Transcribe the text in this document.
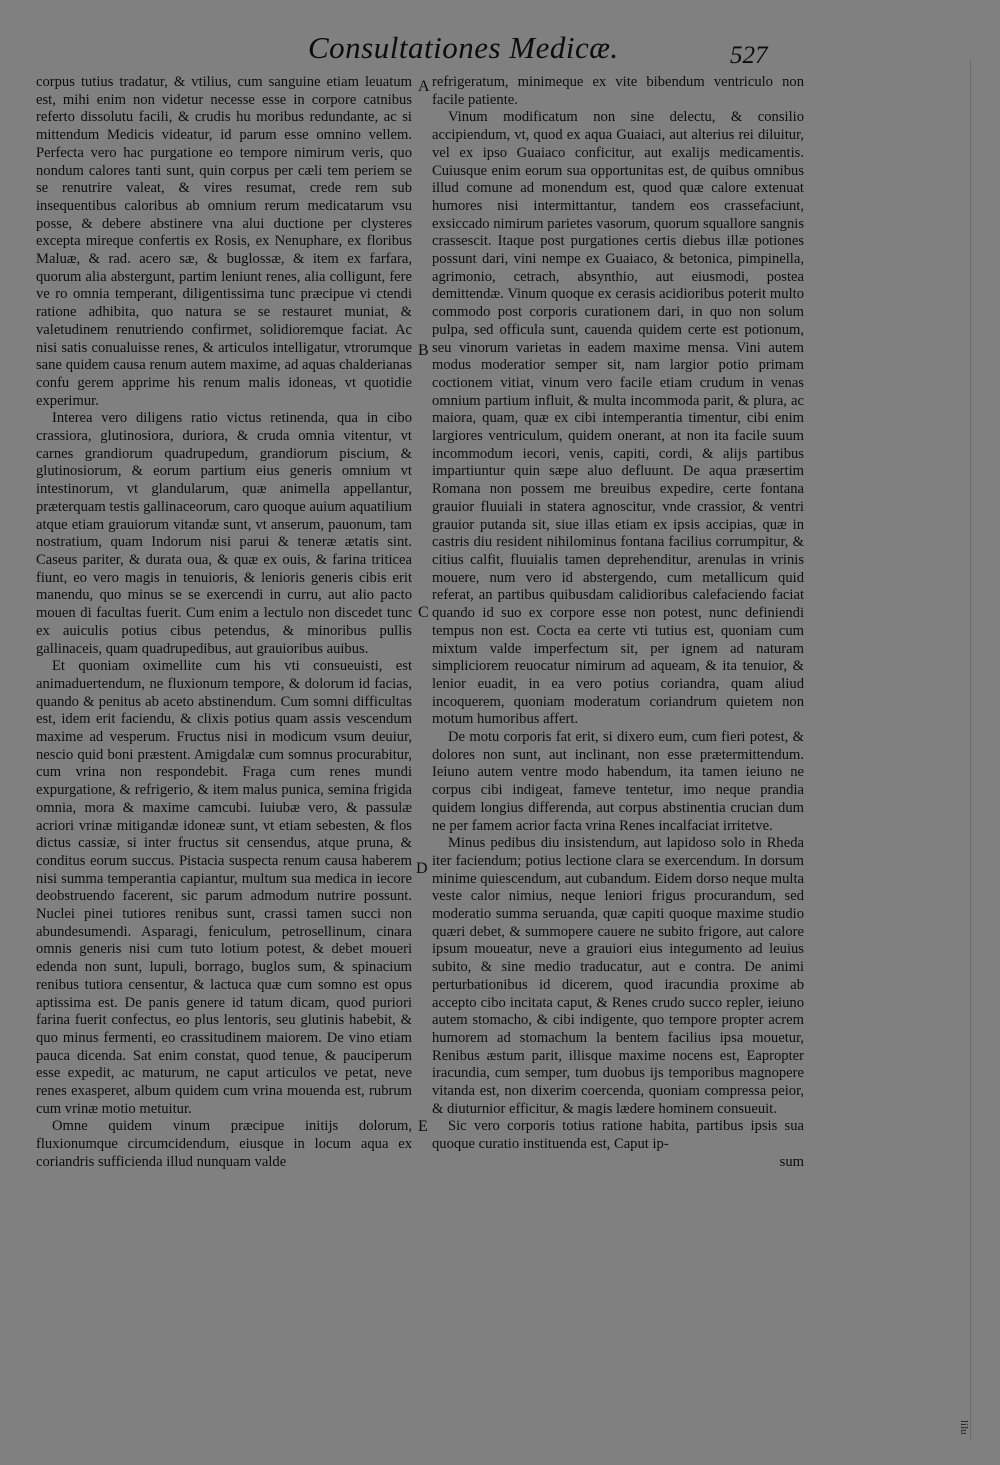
Consultationes Medicæ.	527

corpus tutius tradatur, & vtilius, cum sanguine etiam leuatum est, mihi enim non videtur necesse esse in corpore catnibus referto dissolutu facili, & crudis hu moribus redundante, ac si mittendum Medicis videatur, id parum esse omnino vellem. Perfecta vero hac purgatione eo tempore nimirum veris, quo nondum calores tanti sunt, quin corpus per cæli tem periem se se renutrire valeat, & vires resumat, crede rem sub insequentibus caloribus ab omnium rerum medicatarum vsu posse, & debere abstinere vna alui ductione per clysteres excepta mireque confertis ex Rosis, ex Nenuphare, ex floribus Maluæ, & rad. acero sæ, & buglossæ, & item ex farfara, quorum alia abstergunt, partim leniunt renes, alia colligunt, fere ve ro omnia temperant, diligentissima tunc præcipue vi ctendi ratione adhibita, quo natura se se restauret muniat, & valetudinem renutriendo confirmet, solidioremque faciat. Ac nisi satis conualuisse renes, & articulos intelligatur, vtrorumque sane quidem causa renum autem maxime, ad aquas chalderianas confu gerem apprime his renum malis idoneas, vt quotidie experimur.

Interea vero diligens ratio victus retinenda, qua in cibo crassiora, glutinosiora, duriora, & cruda omnia vitentur, vt carnes grandiorum quadrupedum, grandiorum piscium, & glutinosiorum, & eorum partium eius generis omnium vt intestinorum, vt glandularum, quæ animella appellantur, præterquam testis gallinaceorum, caro quoque auium aquatilium atque etiam grauiorum vitandæ sunt, vt anserum, pauonum, tam nostratium, quam Indorum nisi parui & teneræ ætatis sint. Caseus pariter, & durata oua, & quæ ex ouis, & farina triticea fiunt, eo vero magis in tenuioris, & lenioris generis cibis erit manendu, quo minus se se exercendi in curru, aut alio pacto mouen di facultas fuerit. Cum enim a lectulo non discedet tunc ex auiculis potius cibus petendus, & minoribus pullis gallinaceis, quam quadrupedibus, aut grauioribus auibus.

Et quoniam oximellite cum his vti consueuisti, est animaduertendum, ne fluxionum tempore, & dolorum id facias, quando & penitus ab aceto abstinendum. Cum somni difficultas est, idem erit faciendu, & clixis potius quam assis vescendum maxime ad vesperum. Fructus nisi in modicum vsum deuiur, nescio quid boni præstent. Amigdalæ cum somnus procurabitur, cum vrina non respondebit. Fraga cum renes mundi expurgatione, & refrigerio, & item malus punica, semina frigida omnia, mora & maxime camcubi. Iuiubæ vero, & passulæ acriori vrinæ mitigandæ idoneæ sunt, vt etiam sebesten, & flos dictus cassiæ, si inter fructus sit censendus, atque pruna, & conditus eorum succus. Pistacia suspecta renum causa haberem nisi summa temperantia capiantur, multum sua medica in iecore deobstruendo facerent, sic parum admodum nutrire possunt. Nuclei pinei tutiores renibus sunt, crassi tamen succi non abundesumendi. Asparagi, feniculum, petrosellinum, cinara omnis generis nisi cum tuto lotium potest, & debet moueri edenda non sunt, lupuli, borrago, buglos sum, & spinacium renibus tutiora censentur, & lactuca quæ cum somno est opus aptissima est. De panis genere id tatum dicam, quod puriori farina fuerit confectus, eo plus lentoris, seu glutinis habebit, & quo minus fermenti, eo crassitudinem maiorem. De vino etiam pauca dicenda. Sat enim constat, quod tenue, & pauciperum esse expedit, ac maturum, ne caput articulos ve petat, neve renes exasperet, album quidem cum vrina mouenda est, rubrum cum vrinæ motio metuitur.

Omne quidem vinum præcipue initijs dolorum, fluxionumque circumcidendum, eiusque in locum aqua ex coriandris sufficienda illud nunquam valde

refrigeratum, minimeque ex vite bibendum ventriculo non facile patiente.

Vinum modificatum non sine delectu, & consilio accipiendum, vt, quod ex aqua Guaiaci, aut alterius rei diluitur, vel ex ipso Guaiaco conficitur, aut exalijs medicamentis. Cuiusque enim eorum sua opportunitas est, de quibus omnibus illud comune ad monendum est, quod quæ calore extenuat humores nisi intermittantur, tandem eos crassefaciunt, exsiccado nimirum parietes vasorum, quorum squallore sangnis crassescit. Itaque post purgationes certis diebus illæ potiones possunt dari, vini nempe ex Guaiaco, & betonica, pimpinella, agrimonio, cetrach, absynthio, aut eiusmodi, postea demittendæ. Vinum quoque ex cerasis acidioribus poterit multo commodo post corporis curationem dari, in quo non solum pulpa, sed officula sunt, cauenda quidem certe est potionum, seu vinorum varietas in eadem maxime mensa. Vini autem modus moderatior semper sit, nam largior potio primam coctionem vitiat, vinum vero facile etiam crudum in venas omnium partium influit, & multa incommoda parit, & plura, ac maiora, quam, quæ ex cibi intemperantia timentur, cibi enim largiores ventriculum, quidem onerant, at non ita facile suum incommodum iecori, venis, capiti, cordi, & alijs partibus impartiuntur quin sæpe aluo defluunt. De aqua præsertim Romana non possem me breuibus expedire, certe fontana grauior fluuiali in statera agnoscitur, vnde crassior, & ventri grauior putanda sit, siue illas etiam ex ipsis accipias, quæ in castris diu resident nihilominus fontana facilius corrumpitur, & citius calfit, fluuialis tamen deprehenditur, arenulas in vrinis mouere, num vero id abstergendo, cum metallicum quid referat, an partibus quibusdam calidioribus calefaciendo faciat quando id suo ex corpore esse non potest, nunc definiendi tempus non est. Cocta ea certe vti tutius est, quoniam cum mixtum valde imperfectum sit, per ignem ad naturam simpliciorem reuocatur nimirum ad aqueam, & ita tenuior, & lenior euadit, in ea vero potius coriandra, quam aliud incoquerem, quoniam moderatum coriandrum quietem non motum humoribus affert.

De motu corporis fat erit, si dixero eum, cum fieri potest, & dolores non sunt, aut inclinant, non esse prætermittendum. Ieiuno autem ventre modo habendum, ita tamen ieiuno ne corpus cibi indigeat, fameve tentetur, imo neque prandia quidem longius differenda, aut corpus abstinentia crucian dum ne per famem acrior facta vrina Renes incalfaciat irritetve.

Minus pedibus diu insistendum, aut lapidoso solo in Rheda iter faciendum; potius lectione clara se exercendum. In dorsum minime quiescendum, aut cubandum. Eidem dorso neque multa veste calor nimius, neque leniori frigus procurandum, sed moderatio summa seruanda, quæ capiti quoque maxime studio quæri debet, & summopere cauere ne subito frigore, aut calore ipsum moueatur, neve a grauiori eius integumento ad leuius subito, & sine medio traducatur, aut e contra. De animi perturbationibus id dicerem, quod iracundia proxime ab accepto cibo incitata caput, & Renes crudo succo repler, ieiuno autem stomacho, & cibi indigente, quo tempore propter acrem humorem ad stomachum la bentem facilius ipsa mouetur, Renibus æstum parit, illisque maxime nocens est, Eapropter iracundia, cum semper, tum duobus ijs temporibus magnopere vitanda est, non dixerim coercenda, quoniam compressa peior, & diuturnior efficitur, & magis lædere hominem consueuit.

Sic vero corporis totius ratione habita, partibus ipsis sua quoque curatio instituenda est, Caput ip-

sum

A
B
C
D
E
lilu
